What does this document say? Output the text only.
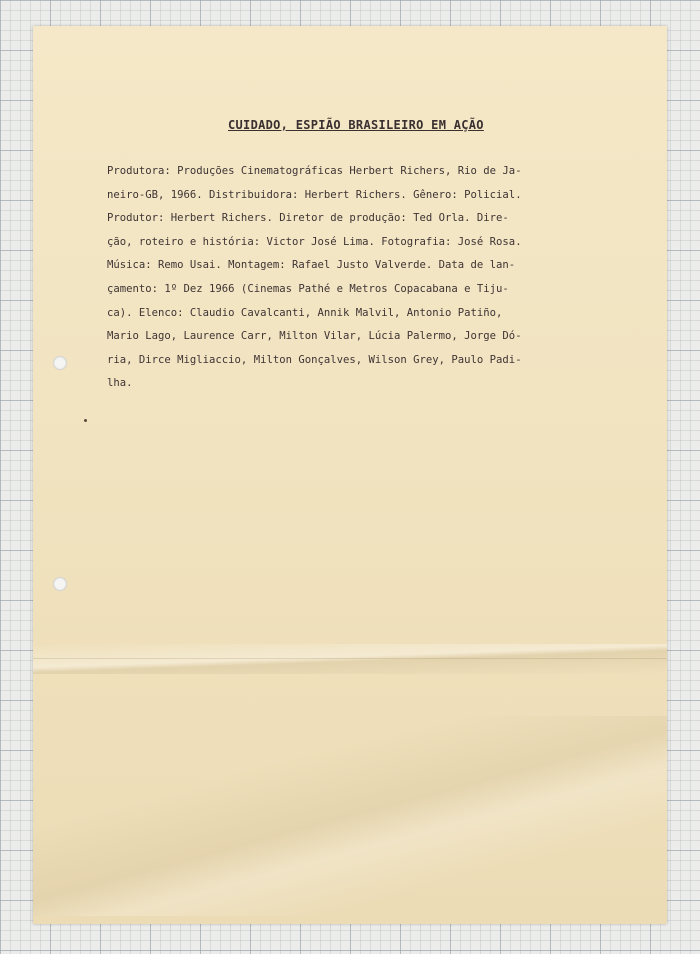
CUIDADO, ESPIÃO BRASILEIRO EM AÇÃO
Produtora: Produções Cinematográficas Herbert Richers, Rio de Ja-
neiro-GB, 1966. Distribuidora: Herbert Richers. Gênero: Policial.
Produtor: Herbert Richers. Diretor de produção: Ted Orla. Dire-
ção, roteiro e história: Victor José Lima. Fotografia: José Rosa.
Música: Remo Usai. Montagem: Rafael Justo Valverde. Data de lan-
çamento: 1º Dez 1966 (Cinemas Pathé e Metros Copacabana e Tiju-
ca). Elenco: Claudio Cavalcanti, Annik Malvil, Antonio Patiño,
Mario Lago, Laurence Carr, Milton Vilar, Lúcia Palermo, Jorge Dó-
ria, Dirce Migliaccio, Milton Gonçalves, Wilson Grey, Paulo Padi-
lha.
